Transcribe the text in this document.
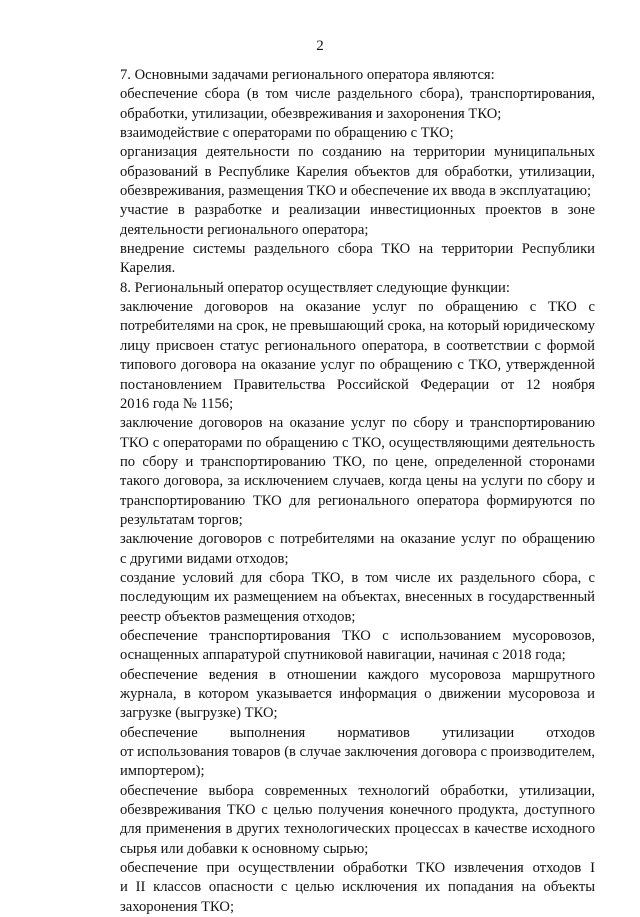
2
7. Основными задачами регионального оператора являются:
обеспечение сбора (в том числе раздельного сбора), транспортирования,
обработки, утилизации, обезвреживания и захоронения ТКО;
взаимодействие с операторами по обращению с ТКО;
организация деятельности по созданию на территории муниципальных
образований в Республике Карелия объектов для обработки, утилизации,
обезвреживания, размещения ТКО и обеспечение их ввода в эксплуатацию;
участие в разработке и реализации инвестиционных проектов в зоне
деятельности регионального оператора;
внедрение системы раздельного сбора ТКО на территории Республики
Карелия.
8. Региональный оператор осуществляет следующие функции:
заключение договоров на оказание услуг по обращению с ТКО с
потребителями на срок, не превышающий срока, на который юридическому
лицу присвоен статус регионального оператора, в соответствии с формой
типового договора на оказание услуг по обращению с ТКО, утвержденной
постановлением Правительства Российской Федерации от 12 ноября
2016 года № 1156;
заключение договоров на оказание услуг по сбору и транспортированию
ТКО с операторами по обращению с ТКО, осуществляющими деятельность
по сбору и транспортированию ТКО, по цене, определенной сторонами
такого договора, за исключением случаев, когда цены на услуги по сбору и
транспортированию ТКО для регионального оператора формируются по
результатам торгов;
заключение договоров с потребителями на оказание услуг по обращению
с другими видами отходов;
создание условий для сбора ТКО, в том числе их раздельного сбора, с
последующим их размещением на объектах, внесенных в государственный
реестр объектов размещения отходов;
обеспечение транспортирования ТКО с использованием мусоровозов,
оснащенных аппаратурой спутниковой навигации, начиная с 2018 года;
обеспечение ведения в отношении каждого мусоровоза маршрутного
журнала, в котором указывается информация о движении мусоровоза и
загрузке (выгрузке) ТКО;
обеспечение выполнения нормативов утилизации отходов
от использования товаров (в случае заключения договора с производителем,
импортером);
обеспечение выбора современных технологий обработки, утилизации,
обезвреживания ТКО с целью получения конечного продукта, доступного
для применения в других технологических процессах в качестве исходного
сырья или добавки к основному сырью;
обеспечение при осуществлении обработки ТКО извлечения отходов I
и II классов опасности с целью исключения их попадания на объекты
захоронения ТКО;
